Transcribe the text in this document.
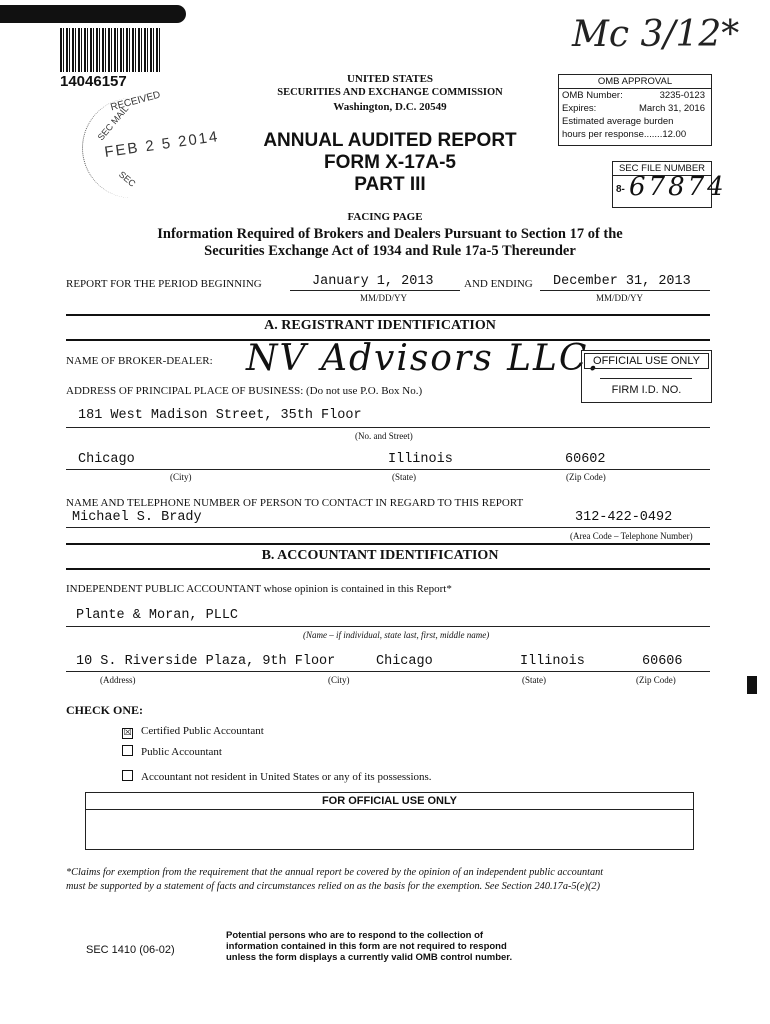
14046157
Mc 3/12*
SEC MAIL
RECEIVED
FEB 2 5 2014
SEC
UNITED STATES
SECURITIES AND EXCHANGE COMMISSION
Washington, D.C. 20549
ANNUAL AUDITED REPORT
FORM X-17A-5
PART III
OMB APPROVAL
OMB Number:	3235-0123
Expires:	March 31, 2016
Estimated average burden
hours per response.......12.00
SEC FILE NUMBER
8- 67874
FACING PAGE
Information Required of Brokers and Dealers Pursuant to Section 17 of the
Securities Exchange Act of 1934 and Rule 17a-5 Thereunder
REPORT FOR THE PERIOD BEGINNING	January 1, 2013
MM/DD/YY
AND ENDING December 31, 2013
MM/DD/YY
A. REGISTRANT IDENTIFICATION
NAME OF BROKER-DEALER: NV Advisors LLC.
OFFICIAL USE ONLY
FIRM I.D. NO.
ADDRESS OF PRINCIPAL PLACE OF BUSINESS: (Do not use P.O. Box No.)
181 West Madison Street, 35th Floor
(No. and Street)
Chicago	Illinois	60602
(City)	(State)	(Zip Code)
NAME AND TELEPHONE NUMBER OF PERSON TO CONTACT IN REGARD TO THIS REPORT
Michael S. Brady	312-422-0492
(Area Code – Telephone Number)
B. ACCOUNTANT IDENTIFICATION
INDEPENDENT PUBLIC ACCOUNTANT whose opinion is contained in this Report*
Plante & Moran, PLLC
(Name – if individual, state last, first, middle name)
10 S. Riverside Plaza, 9th Floor	Chicago	Illinois	60606
(Address)	(City)	(State)	(Zip Code)
CHECK ONE:
☒ Certified Public Accountant
Public Accountant
Accountant not resident in United States or any of its possessions.
FOR OFFICIAL USE ONLY
*Claims for exemption from the requirement that the annual report be covered by the opinion of an independent public accountant
must be supported by a statement of facts and circumstances relied on as the basis for the exemption. See Section 240.17a-5(e)(2)
SEC 1410 (06-02)
Potential persons who are to respond to the collection of
information contained in this form are not required to respond
unless the form displays a currently valid OMB control number.
